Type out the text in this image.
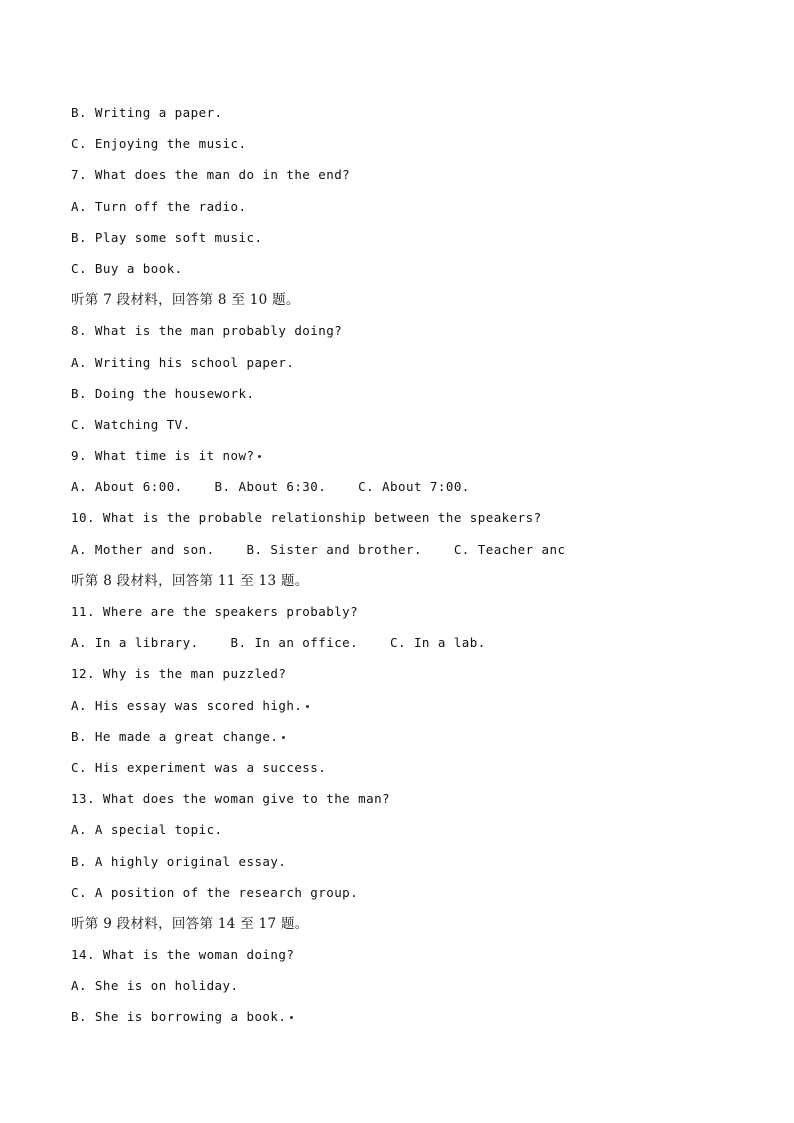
B. Writing a paper.
C. Enjoying the music.
7. What does the man do in the end?
A. Turn off the radio.
B. Play some soft music.
C. Buy a book.
听第 7 段材料，回答第 8 至 10 题。
8. What is the man probably doing?
A. Writing his school paper.
B. Doing the housework.
C. Watching TV.
9. What time is it now?
A. About 6:00.    B. About 6:30.    C. About 7:00.
10. What is the probable relationship between the speakers?
A. Mother and son.    B. Sister and brother.    C. Teacher anc
听第 8 段材料，回答第 11 至 13 题。
11. Where are the speakers probably?
A. In a library.    B. In an office.    C. In a lab.
12. Why is the man puzzled?
A. His essay was scored high.
B. He made a great change.
C. His experiment was a success.
13. What does the woman give to the man?
A. A special topic.
B. A highly original essay.
C. A position of the research group.
听第 9 段材料，回答第 14 至 17 题。
14. What is the woman doing?
A. She is on holiday.
B. She is borrowing a book.
